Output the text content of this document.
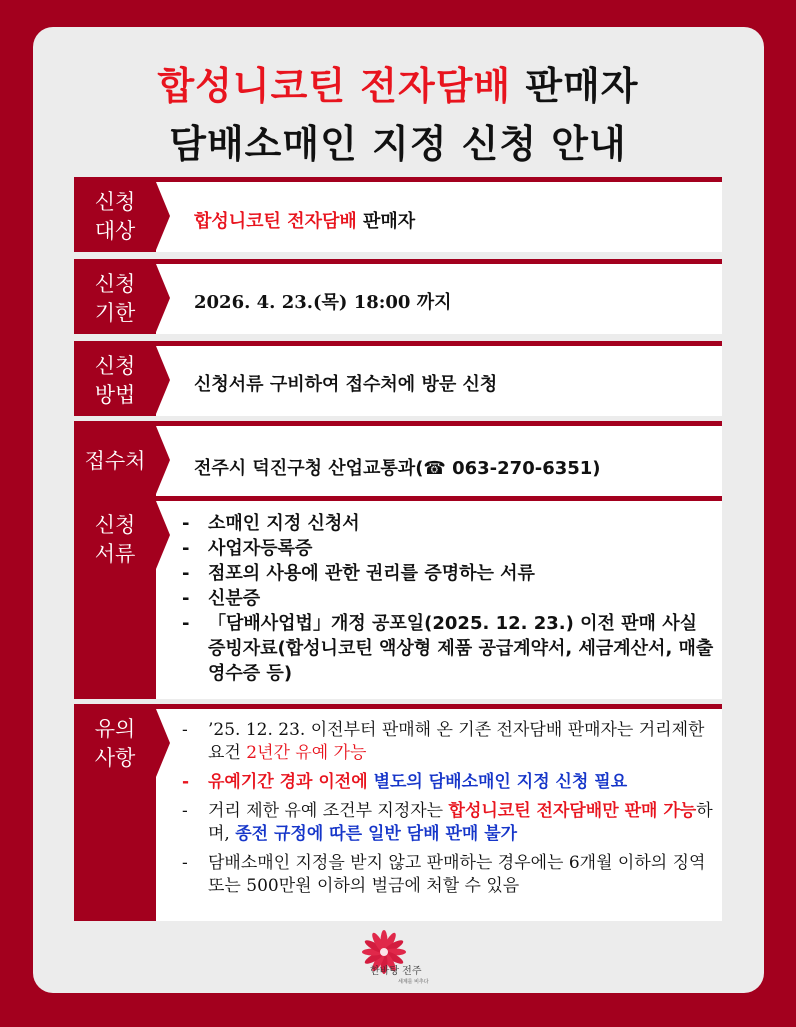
합성니코틴 전자담배 판매자
담배소매인 지정 신청 안내
신청
대상	합성니코틴 전자담배 판매자
신청
기한	2026. 4. 23.(목) 18:00 까지
신청
방법	신청서류 구비하여 접수처에 방문 신청
접수처	전주시 덕진구청 산업교통과(☎ 063-270-6351)
신청
서류
- 소매인 지정 신청서
- 사업자등록증
- 점포의 사용에 관한 권리를 증명하는 서류
- 신분증
- 「담배사업법」개정 공포일(2025. 12. 23.) 이전 판매 사실 증빙자료(합성니코틴 액상형 제품 공급계약서, 세금계산서, 매출 영수증 등)
유의
사항
- ’25. 12. 23. 이전부터 판매해 온 기존 전자담배 판매자는 거리제한 요건 2년간 유예 가능
- 유예기간 경과 이전에 별도의 담배소매인 지정 신청 필요
- 거리 제한 유예 조건부 지정자는 합성니코틴 전자담배만 판매 가능하며, 종전 규정에 따른 일반 담배 판매 불가
- 담배소매인 지정을 받지 않고 판매하는 경우에는 6개월 이하의 징역 또는 500만원 이하의 벌금에 처할 수 있음
한바탕 전주
세계를 비추다
